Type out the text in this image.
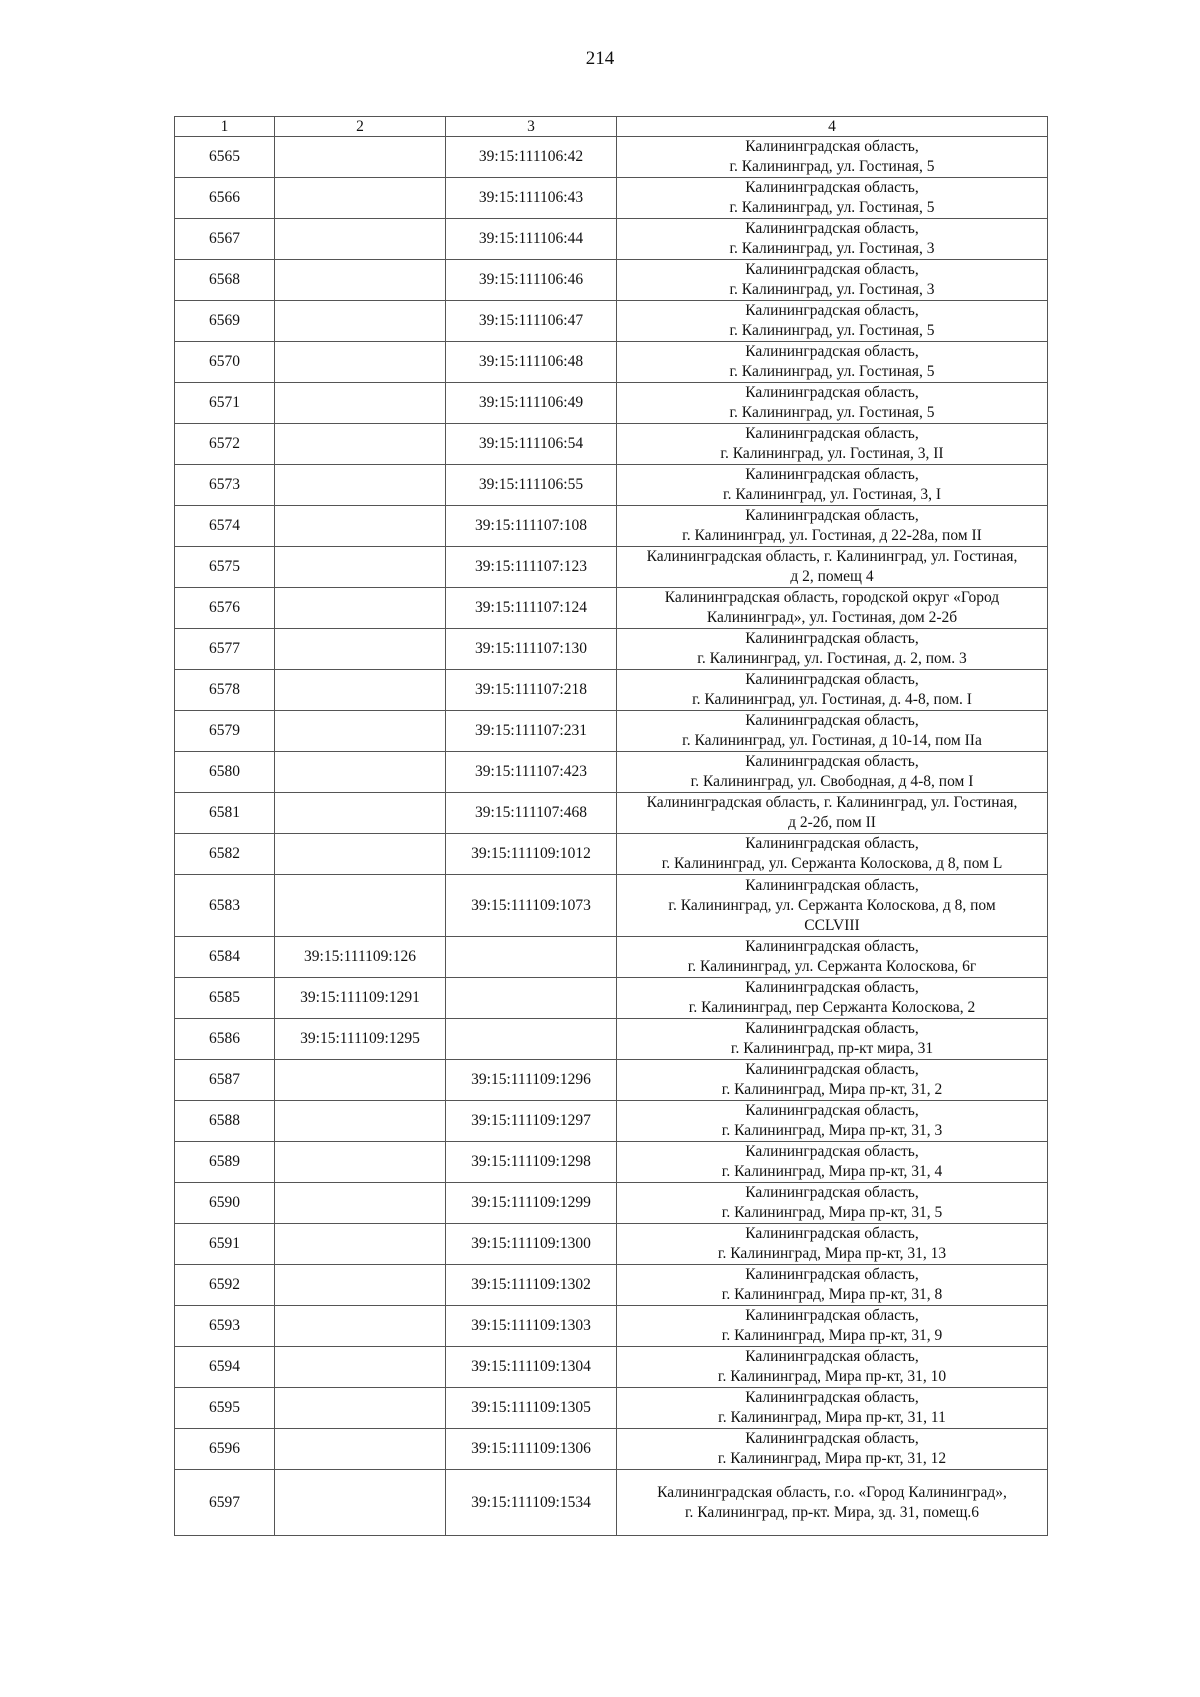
214
1	2	3	4
6565		39:15:111106:42	Калининградская область,
г. Калининград, ул. Гостиная, 5

6566		39:15:111106:43	Калининградская область,
г. Калининград, ул. Гостиная, 5

6567		39:15:111106:44	Калининградская область,
г. Калининград, ул. Гостиная, 3

6568		39:15:111106:46	Калининградская область,
г. Калининград, ул. Гостиная, 3

6569		39:15:111106:47	Калининградская область,
г. Калининград, ул. Гостиная, 5

6570		39:15:111106:48	Калининградская область,
г. Калининград, ул. Гостиная, 5

6571		39:15:111106:49	Калининградская область,
г. Калининград, ул. Гостиная, 5

6572		39:15:111106:54	Калининградская область,
г. Калининград, ул. Гостиная, 3, II

6573		39:15:111106:55	Калининградская область,
г. Калининград, ул. Гостиная, 3, I

6574		39:15:111107:108	Калининградская область,
г. Калининград, ул. Гостиная, д 22-28а, пом II

6575		39:15:111107:123	Калининградская область, г. Калининград, ул. Гостиная,
д 2, помещ 4

6576		39:15:111107:124	Калининградская область, городской округ «Город
Калининград», ул. Гостиная, дом 2-2б

6577		39:15:111107:130	Калининградская область,
г. Калининград, ул. Гостиная, д. 2, пом. 3

6578		39:15:111107:218	Калининградская область,
г. Калининград, ул. Гостиная, д. 4-8, пом. I

6579		39:15:111107:231	Калининградская область,
г. Калининград, ул. Гостиная, д 10-14, пом IIа

6580		39:15:111107:423	Калининградская область,
г. Калининград, ул. Свободная, д 4-8, пом I

6581		39:15:111107:468	Калининградская область, г. Калининград, ул. Гостиная,
д 2-2б, пом II

6582		39:15:111109:1012	Калининградская область,
г. Калининград, ул. Сержанта Колоскова, д 8, пом L

6583		39:15:111109:1073	Калининградская область,
г. Калининград, ул. Сержанта Колоскова, д 8, пом
CCLVIII

6584	39:15:111109:126		Калининградская область,
г. Калининград, ул. Сержанта Колоскова, 6г

6585	39:15:111109:1291		Калининградская область,
г. Калининград, пер Сержанта Колоскова, 2

6586	39:15:111109:1295		Калининградская область,
г. Калининград, пр-кт мира, 31

6587		39:15:111109:1296	Калининградская область,
г. Калининград, Мира пр-кт, 31, 2

6588		39:15:111109:1297	Калининградская область,
г. Калининград, Мира пр-кт, 31, 3

6589		39:15:111109:1298	Калининградская область,
г. Калининград, Мира пр-кт, 31, 4

6590		39:15:111109:1299	Калининградская область,
г. Калининград, Мира пр-кт, 31, 5

6591		39:15:111109:1300	Калининградская область,
г. Калининград, Мира пр-кт, 31, 13

6592		39:15:111109:1302	Калининградская область,
г. Калининград, Мира пр-кт, 31, 8

6593		39:15:111109:1303	Калининградская область,
г. Калининград, Мира пр-кт, 31, 9

6594		39:15:111109:1304	Калининградская область,
г. Калининград, Мира пр-кт, 31, 10

6595		39:15:111109:1305	Калининградская область,
г. Калининград, Мира пр-кт, 31, 11

6596		39:15:111109:1306	Калининградская область,
г. Калининград, Мира пр-кт, 31, 12

6597		39:15:111109:1534	Калининградская область, г.о. «Город Калининград»,
г. Калининград, пр-кт. Мира, зд. 31, помещ.6
